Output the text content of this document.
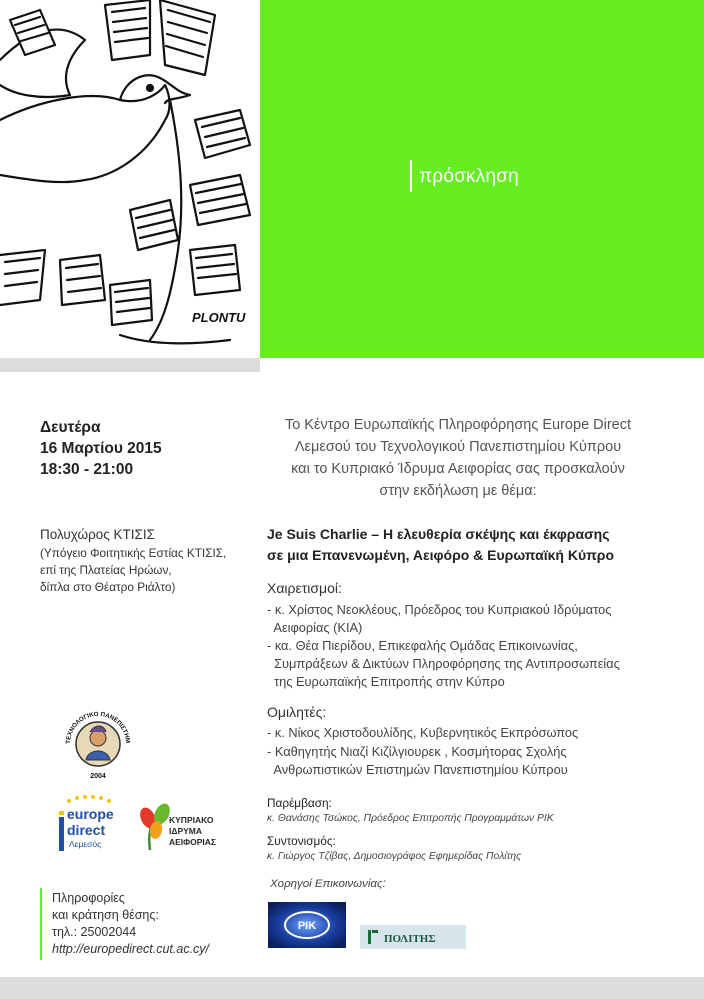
PLONTU
πρόσκληση
Δευτέρα
16 Μαρτίου 2015
18:30 - 21:00
Πολυχώρος ΚΤΙΣΙΣ
(Υπόγειο Φοιτητικής Εστίας ΚΤΙΣΙΣ,
επί της Πλατείας Ηρώων,
δίπλα στο Θέατρο Ριάλτο)
ΤΕΧΝΟΛΟΓΙΚΟ ΠΑΝΕΠΙΣΤΗΜ
2004
europe
direct
Λεμεσός
ΚΥΠΡΙΑΚΟ
ΙΔΡΥΜΑ
ΑΕΙΦΟΡΙΑΣ
Πληροφορίες
και κράτηση θέσης:
τηλ.: 25002044
http://europedirect.cut.ac.cy/
Το Κέντρο Ευρωπαϊκής Πληροφόρησης Europe Direct
Λεμεσού του Τεχνολογικού Πανεπιστημίου Κύπρου
και το Κυπριακό Ίδρυμα Αειφορίας σας προσκαλούν
στην εκδήλωση με θέμα:
Je Suis Charlie – Η ελευθερία σκέψης και έκφρασης
σε μια Επανενωμένη, Αειφόρο & Ευρωπαϊκή Κύπρο
Χαιρετισμοί:
- κ. Χρίστος Νεοκλέους, Πρόεδρος του Κυπριακού Ιδρύματος
Αειφορίας (ΚΙΑ)
- κα. Θέα Πιερίδου, Επικεφαλής Ομάδας Επικοινωνίας,
Συμπράξεων & Δικτύων Πληροφόρησης της Αντιπροσωπείας
της Ευρωπαϊκής Επιτροπής στην Κύπρο
Ομιλητές:
- κ. Νίκος Χριστοδουλίδης, Κυβερνητικός Εκπρόσωπος
- Καθηγητής Νιαζί Κιζίλγιουρεκ , Κοσμήτορας Σχολής
Ανθρωπιστικών Επιστημών Πανεπιστημίου Κύπρου
Παρέμβαση:
κ. Θανάσης Τσώκος, Πρόεδρος Επιτροπής Προγραμμάτων ΡΙΚ
Συντονισμός:
κ. Γιώργος Τζίβας, Δημοσιογράφος Εφημερίδας Πολίτης
Χορηγοί Επικοινωνίας:
ΡΙΚ
ΠΟΛΙΤΗΣ
